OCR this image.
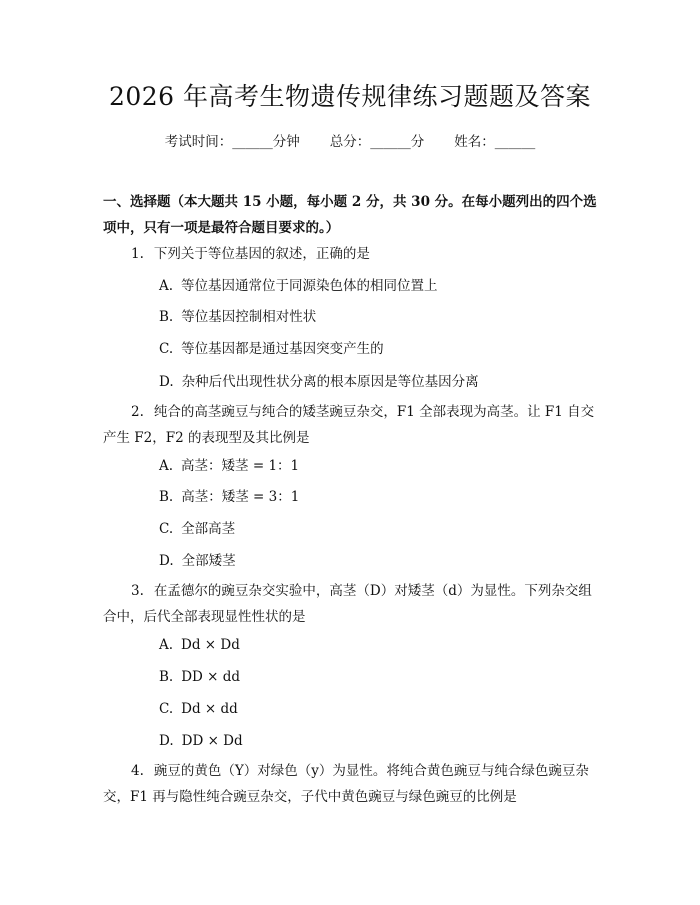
2026 年高考生物遗传规律练习题题及答案
考试时间：______分钟 总分：______分 姓名：______

一、选择题（本大题共 15 小题，每小题 2 分，共 30 分。在每小题列出的四个选项中，只有一项是最符合题目要求的。）

1. 下列关于等位基因的叙述，正确的是

A. 等位基因通常位于同源染色体的相同位置上

B. 等位基因控制相对性状

C. 等位基因都是通过基因突变产生的

D. 杂种后代出现性状分离的根本原因是等位基因分离

2. 纯合的高茎豌豆与纯合的矮茎豌豆杂交，F1 全部表现为高茎。让 F1 自交产生 F2，F2 的表现型及其比例是

A. 高茎：矮茎 = 1：1

B. 高茎：矮茎 = 3：1

C. 全部高茎

D. 全部矮茎

3. 在孟德尔的豌豆杂交实验中，高茎（D）对矮茎（d）为显性。下列杂交组合中，后代全部表现显性性状的是

A. Dd × Dd

B. DD × dd

C. Dd × dd

D. DD × Dd

4. 豌豆的黄色（Y）对绿色（y）为显性。将纯合黄色豌豆与纯合绿色豌豆杂交，F1 再与隐性纯合豌豆杂交，子代中黄色豌豆与绿色豌豆的比例是
